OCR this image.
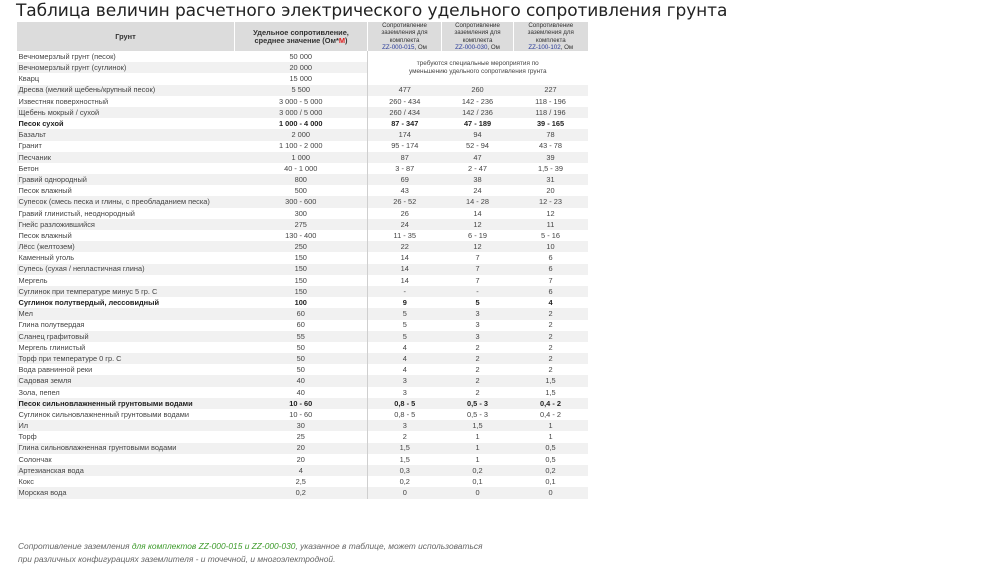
Таблица величин расчетного электрического удельного сопротивления грунта
Грунт	Удельное сопротивление,
среднее значение (Ом*М)	Сопротивление
заземления для
комплекта
ZZ-000-015, Ом	Сопротивление
заземления для
комплекта
ZZ-000-030, Ом	Сопротивление
заземления для
комплекта
ZZ-100-102, Ом
Вечномерзлый грунт (песок)	50 000	требуются специальные мероприятия по уменьшению удельного сопротивления грунта		
Вечномерзлый грунт (суглинок)	20 000			
Кварц	15 000			
Дресва (мелкий щебень/крупный песок)	5 500	477	260	227
Известняк поверхностный	3 000 - 5 000	260 - 434	142 - 236	118 - 196
Щебень мокрый / сухой	3 000 / 5 000	260 / 434	142 / 236	118 / 196
Песок сухой	1 000 - 4 000	87 - 347	47 - 189	39 - 165
Базальт	2 000	174	94	78
Гранит	1 100 - 2 000	95 - 174	52 - 94	43 - 78
Песчаник	1 000	87	47	39
Бетон	40 - 1 000	3 - 87	2 - 47	1,5 - 39
Гравий однородный	800	69	38	31
Песок влажный	500	43	24	20
Супесок (смесь песка и глины, с преобладанием песка)	300 - 600	26 - 52	14 - 28	12 - 23
Гравий глинистый, неоднородный	300	26	14	12
Гнейс разложившийся	275	24	12	11
Песок влажный	130 - 400	11 - 35	6 - 19	5 - 16
Лёсс (желтозем)	250	22	12	10
Каменный уголь	150	14	7	6
Супесь (сухая / непластичная глина)	150	14	7	6
Мергель	150	14	7	7
Суглинок при температуре минус 5 гр. С	150	-	-	6
Суглинок полутвердый, лессовидный	100	9	5	4
Мел	60	5	3	2
Глина полутвердая	60	5	3	2
Сланец графитовый	55	5	3	2
Мергель глинистый	50	4	2	2
Торф при температуре 0 гр. С	50	4	2	2
Вода равнинной реки	50	4	2	2
Садовая земля	40	3	2	1,5
Зола, пепел	40	3	2	1,5
Песок сильновлажненный грунтовыми водами	10 - 60	0,8 - 5	0,5 - 3	0,4 - 2
Суглинок сильновлажненный грунтовыми водами	10 - 60	0,8 - 5	0,5 - 3	0,4 - 2
Ил	30	3	1,5	1
Торф	25	2	1	1
Глина сильновлажненная грунтовыми водами	20	1,5	1	0,5
Солончак	20	1,5	1	0,5
Артезианская вода	4	0,3	0,2	0,2
Кокс	2,5	0,2	0,1	0,1
Морская вода	0,2	0	0	0
Сопротивление заземления для комплектов ZZ-000-015 и ZZ-000-030, указанное в таблице, может использоваться
при различных конфигурациях заземлителя - и точечной, и многоэлектродной.
